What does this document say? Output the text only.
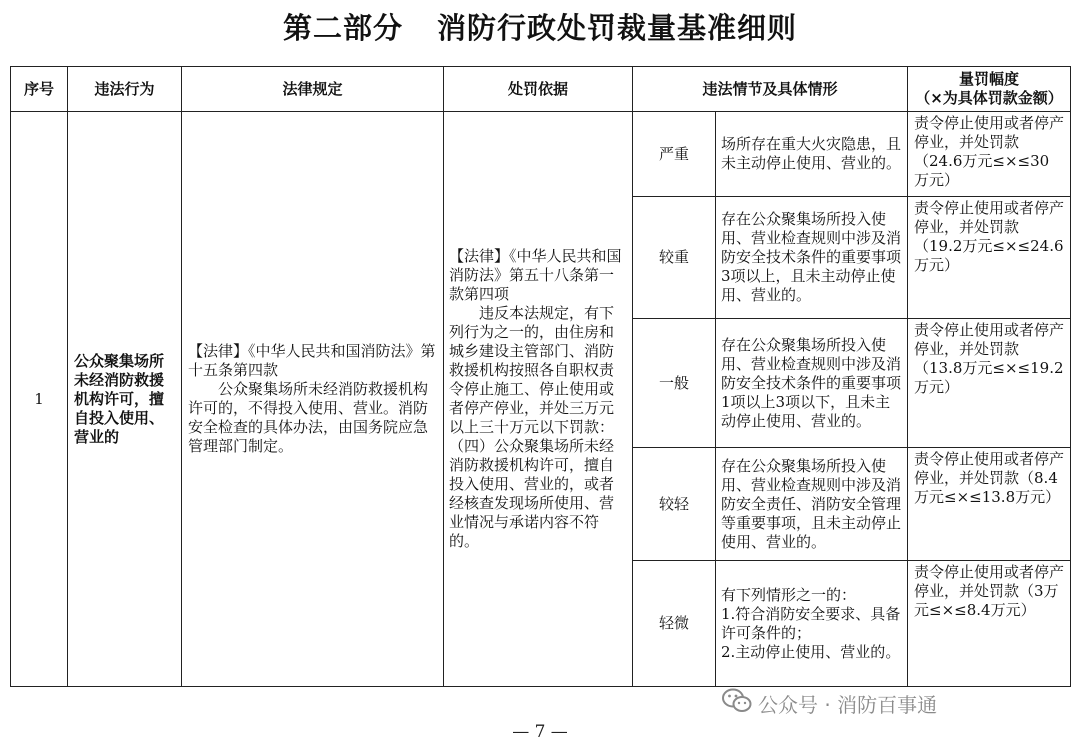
第二部分 消防行政处罚裁量基准细则
序号	违法行为	法律规定	处罚依据	违法情节及具体情形		量罚幅度
（×为具体罚款金额）

1	公众聚集场所未经消防救援机构许可，擅自投入使用、营业的	【法律】《中华人民共和国消防法》第十五条第四款
公众聚集场所未经消防救援机构许可的，不得投入使用、营业。消防安全检查的具体办法，由国务院应急管理部门制定。	【法律】《中华人民共和国消防法》第五十八条第一款第四项
违反本法规定，有下列行为之一的，由住房和城乡建设主管部门、消防救援机构按照各自职权责令停止施工、停止使用或者停产停业，并处三万元以上三十万元以下罚款：
（四）公众聚集场所未经消防救援机构许可，擅自投入使用、营业的，或者经核查发现场所使用、营业情况与承诺内容不符的。	严重	场所存在重大火灾隐患，且未主动停止使用、营业的。	责令停止使用或者停产停业，并处罚款（24.6万元≤×≤30万元）
				较重	存在公众聚集场所投入使用、营业检查规则中涉及消防安全技术条件的重要事项3项以上，且未主动停止使用、营业的。	责令停止使用或者停产停业，并处罚款（19.2万元≤×≤24.6万元）
				一般	存在公众聚集场所投入使用、营业检查规则中涉及消防安全技术条件的重要事项1项以上3项以下，且未主动停止使用、营业的。	责令停止使用或者停产停业，并处罚款（13.8万元≤×≤19.2万元）
				较轻	存在公众聚集场所投入使用、营业检查规则中涉及消防安全责任、消防安全管理等重要事项，且未主动停止使用、营业的。	责令停止使用或者停产停业，并处罚款（8.4万元≤×≤13.8万元）
				轻微	有下列情形之一的：
1.符合消防安全要求、具备许可条件的；
2.主动停止使用、营业的。	责令停止使用或者停产停业，并处罚款（3万元≤×≤8.4万元）
公众号 · 消防百事通
— 7 —
